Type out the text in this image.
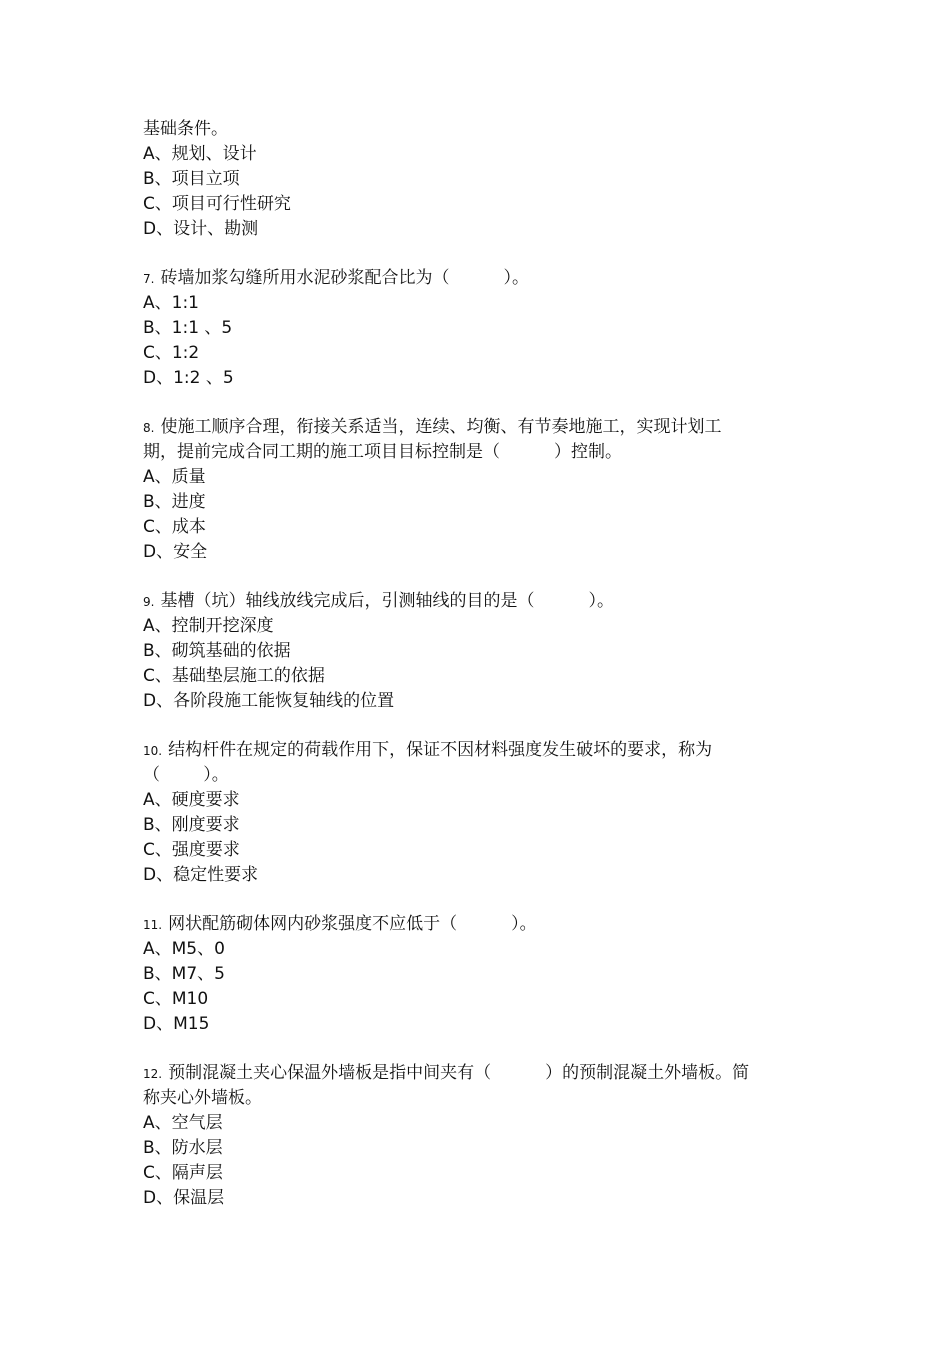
基础条件。
A、规划、设计
B、项目立项
C、项目可行性研究
D、设计、勘测
7. 砖墙加浆勾缝所用水泥砂浆配合比为（          ）。
A、1:1
B、1:1 、5
C、1:2
D、1:2 、5
8. 使施工顺序合理，衔接关系适当，连续、均衡、有节奏地施工，实现计划工
期，提前完成合同工期的施工项目目标控制是（          ）控制。
A、质量
B、进度
C、成本
D、安全
9. 基槽（坑）轴线放线完成后，引测轴线的目的是（          ）。
A、控制开挖深度
B、砌筑基础的依据
C、基础垫层施工的依据
D、各阶段施工能恢复轴线的位置
10. 结构杆件在规定的荷载作用下，保证不因材料强度发生破坏的要求，称为
（        ）。
A、硬度要求
B、刚度要求
C、强度要求
D、稳定性要求
11. 网状配筋砌体网内砂浆强度不应低于（          ）。
A、M5、0
B、M7、5
C、M10
D、M15
12. 预制混凝土夹心保温外墙板是指中间夹有（          ）的预制混凝土外墙板。简
称夹心外墙板。
A、空气层
B、防水层
C、隔声层
D、保温层
